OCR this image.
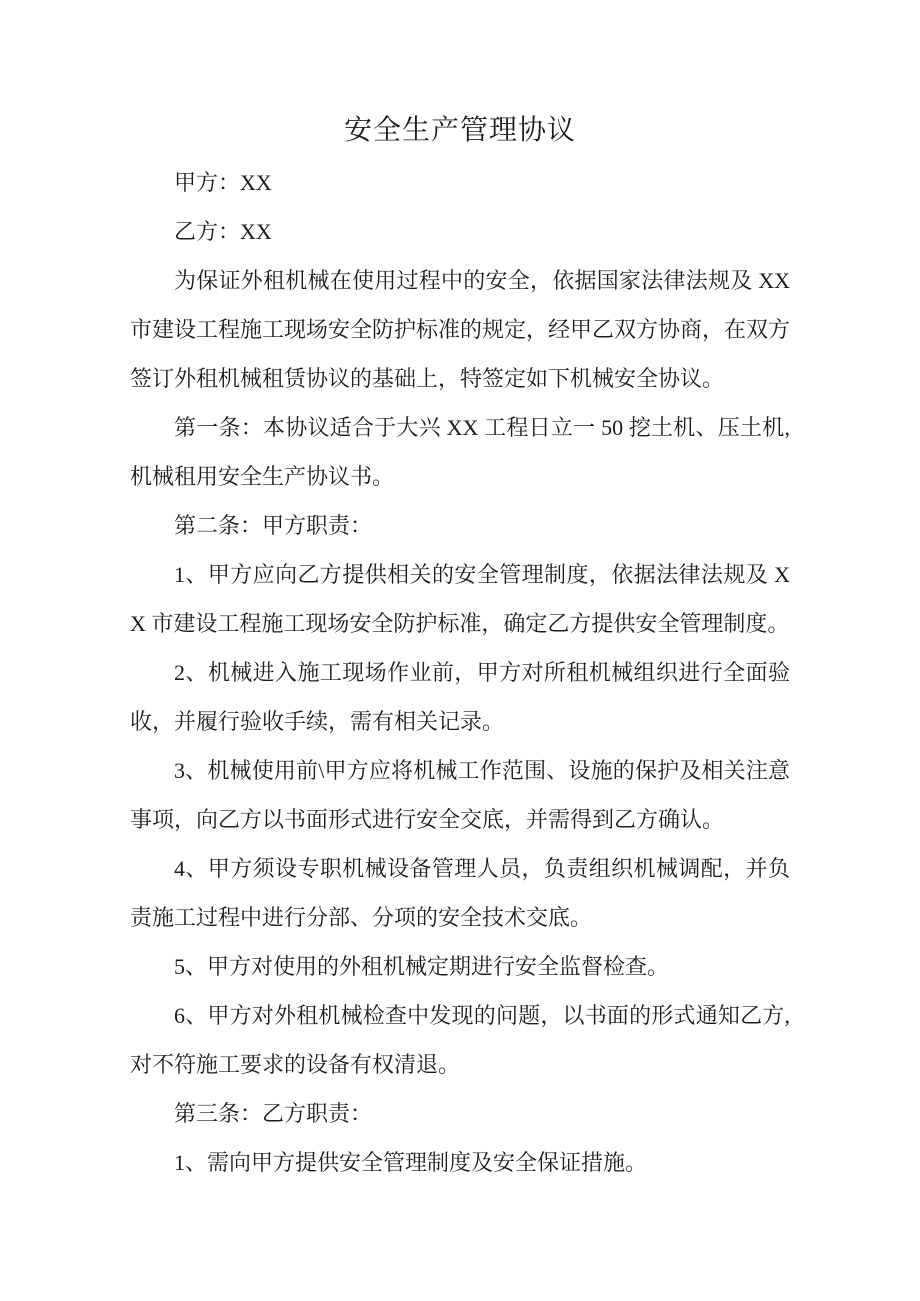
安全生产管理协议

甲方：XX

乙方：XX

为保证外租机械在使用过程中的安全，依据国家法律法规及 XX 市建设工程施工现场安全防护标准的规定，经甲乙双方协商，在双方签订外租机械租赁协议的基础上，特签定如下机械安全协议。

第一条：本协议适合于大兴 XX 工程日立一 50 挖土机、压土机,机械租用安全生产协议书。

第二条：甲方职责：

1、甲方应向乙方提供相关的安全管理制度，依据法律法规及 XX 市建设工程施工现场安全防护标准，确定乙方提供安全管理制度。

2、机械进入施工现场作业前，甲方对所租机械组织进行全面验收，并履行验收手续，需有相关记录。

3、机械使用前\甲方应将机械工作范围、设施的保护及相关注意事项，向乙方以书面形式进行安全交底，并需得到乙方确认。

4、甲方须设专职机械设备管理人员，负责组织机械调配，并负责施工过程中进行分部、分项的安全技术交底。

5、甲方对使用的外租机械定期进行安全监督检查。

6、甲方对外租机械检查中发现的问题，以书面的形式通知乙方,对不符施工要求的设备有权清退。

第三条：乙方职责：

1、需向甲方提供安全管理制度及安全保证措施。
